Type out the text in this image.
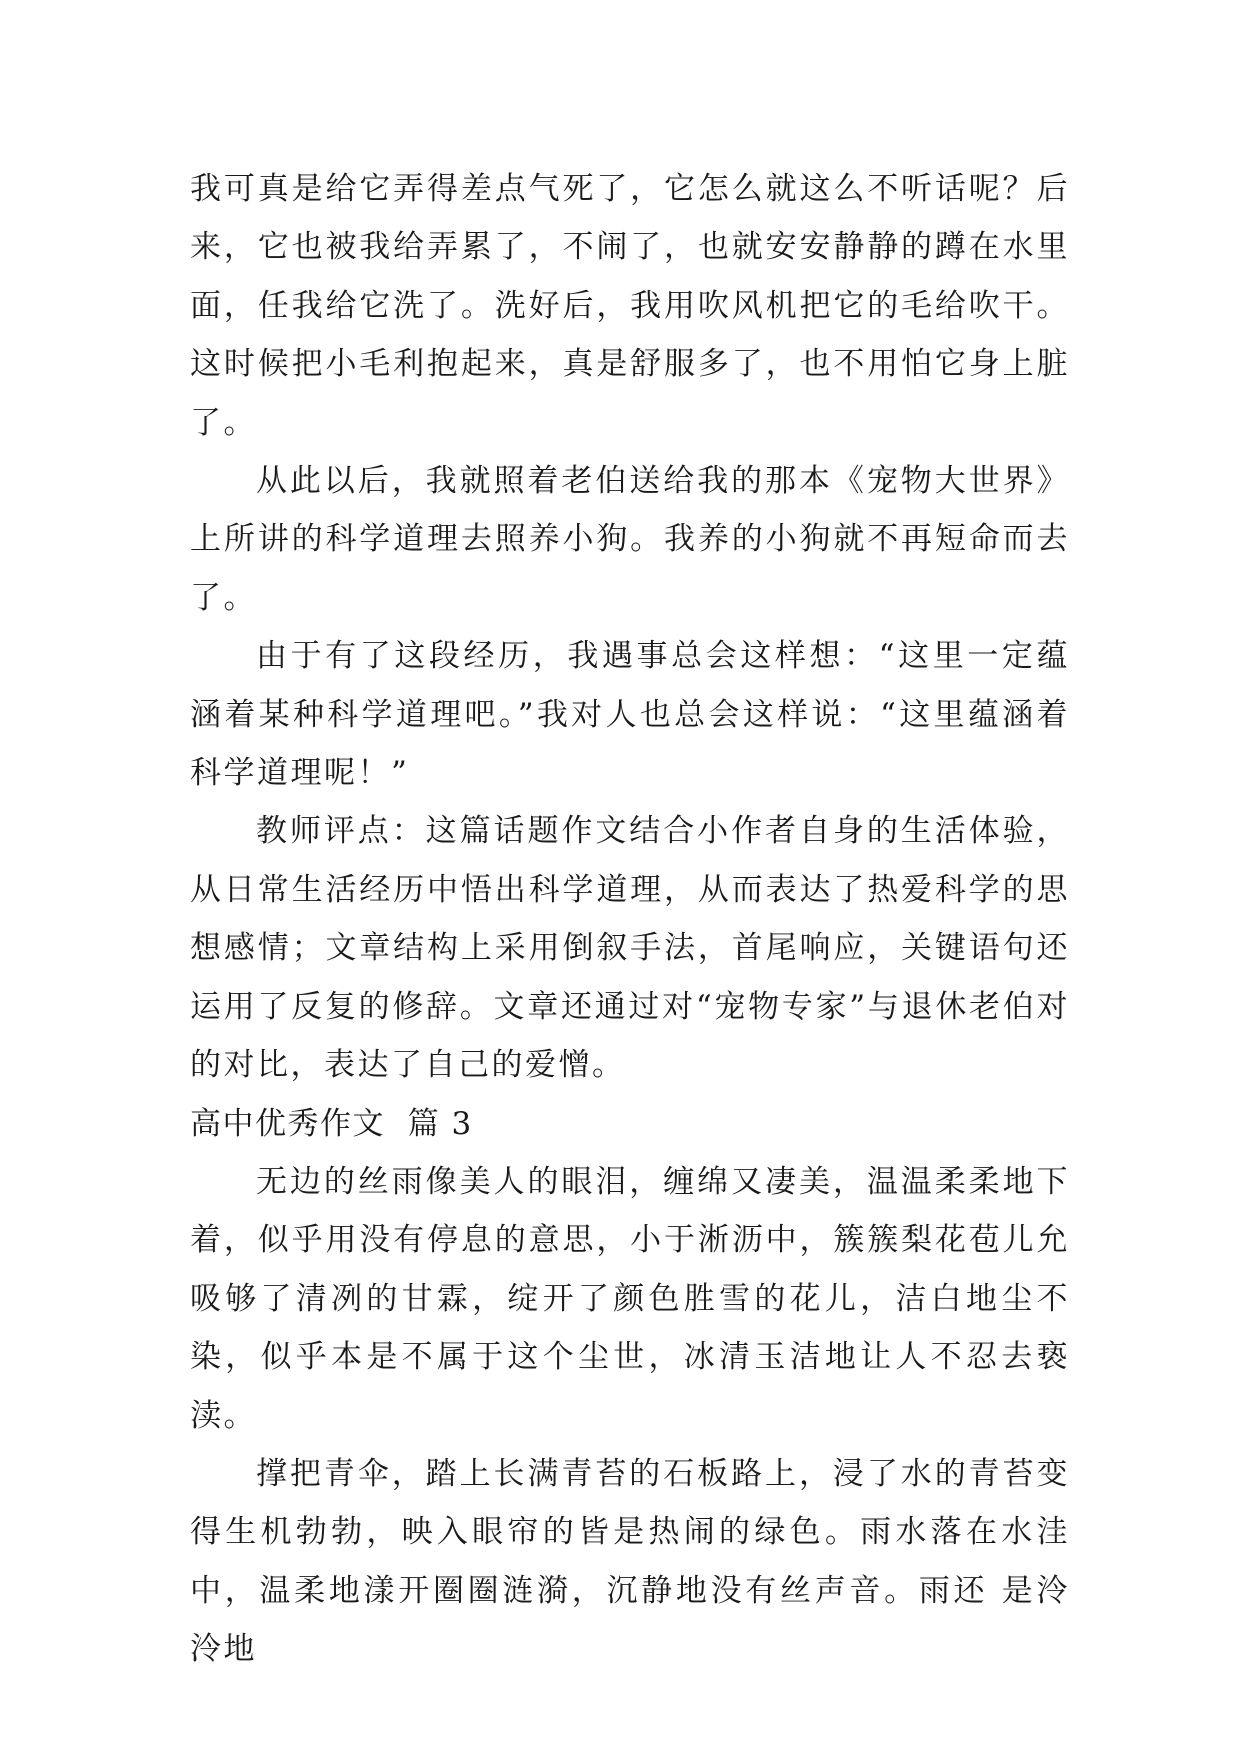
我可真是给它弄得差点气死了，它怎么就这么不听话呢？后来，它也被我给弄累了，不闹了，也就安安静静的蹲在水里面，任我给它洗了。洗好后，我用吹风机把它的毛给吹干。这时候把小毛利抱起来，真是舒服多了，也不用怕它身上脏了。

从此以后，我就照着老伯送给我的那本《宠物大世界》上所讲的科学道理去照养小狗。我养的小狗就不再短命而去了。

由于有了这段经历，我遇事总会这样想：“这里一定蕴涵着某种科学道理吧。”我对人也总会这样说：“这里蕴涵着科学道理呢！”

教师评点：这篇话题作文结合小作者自身的生活体验，从日常生活经历中悟出科学道理，从而表达了热爱科学的思想感情；文章结构上采用倒叙手法，首尾响应，关键语句还运用了反复的修辞。文章还通过对“宠物专家”与退休老伯对的对比，表达了自己的爱憎。

高中优秀作文  篇 3

无边的丝雨像美人的眼泪，缠绵又凄美，温温柔柔地下着，似乎用没有停息的意思，小于淅沥中，簇簇梨花苞儿允吸够了清冽的甘霖，绽开了颜色胜雪的花儿，洁白地尘不染，似乎本是不属于这个尘世，冰清玉洁地让人不忍去亵渎。

撑把青伞，踏上长满青苔的石板路上，浸了水的青苔变得生机勃勃，映入眼帘的皆是热闹的绿色。雨水落在水洼中，温柔地漾开圈圈涟漪，沉静地没有丝声音。雨还 是泠泠地
